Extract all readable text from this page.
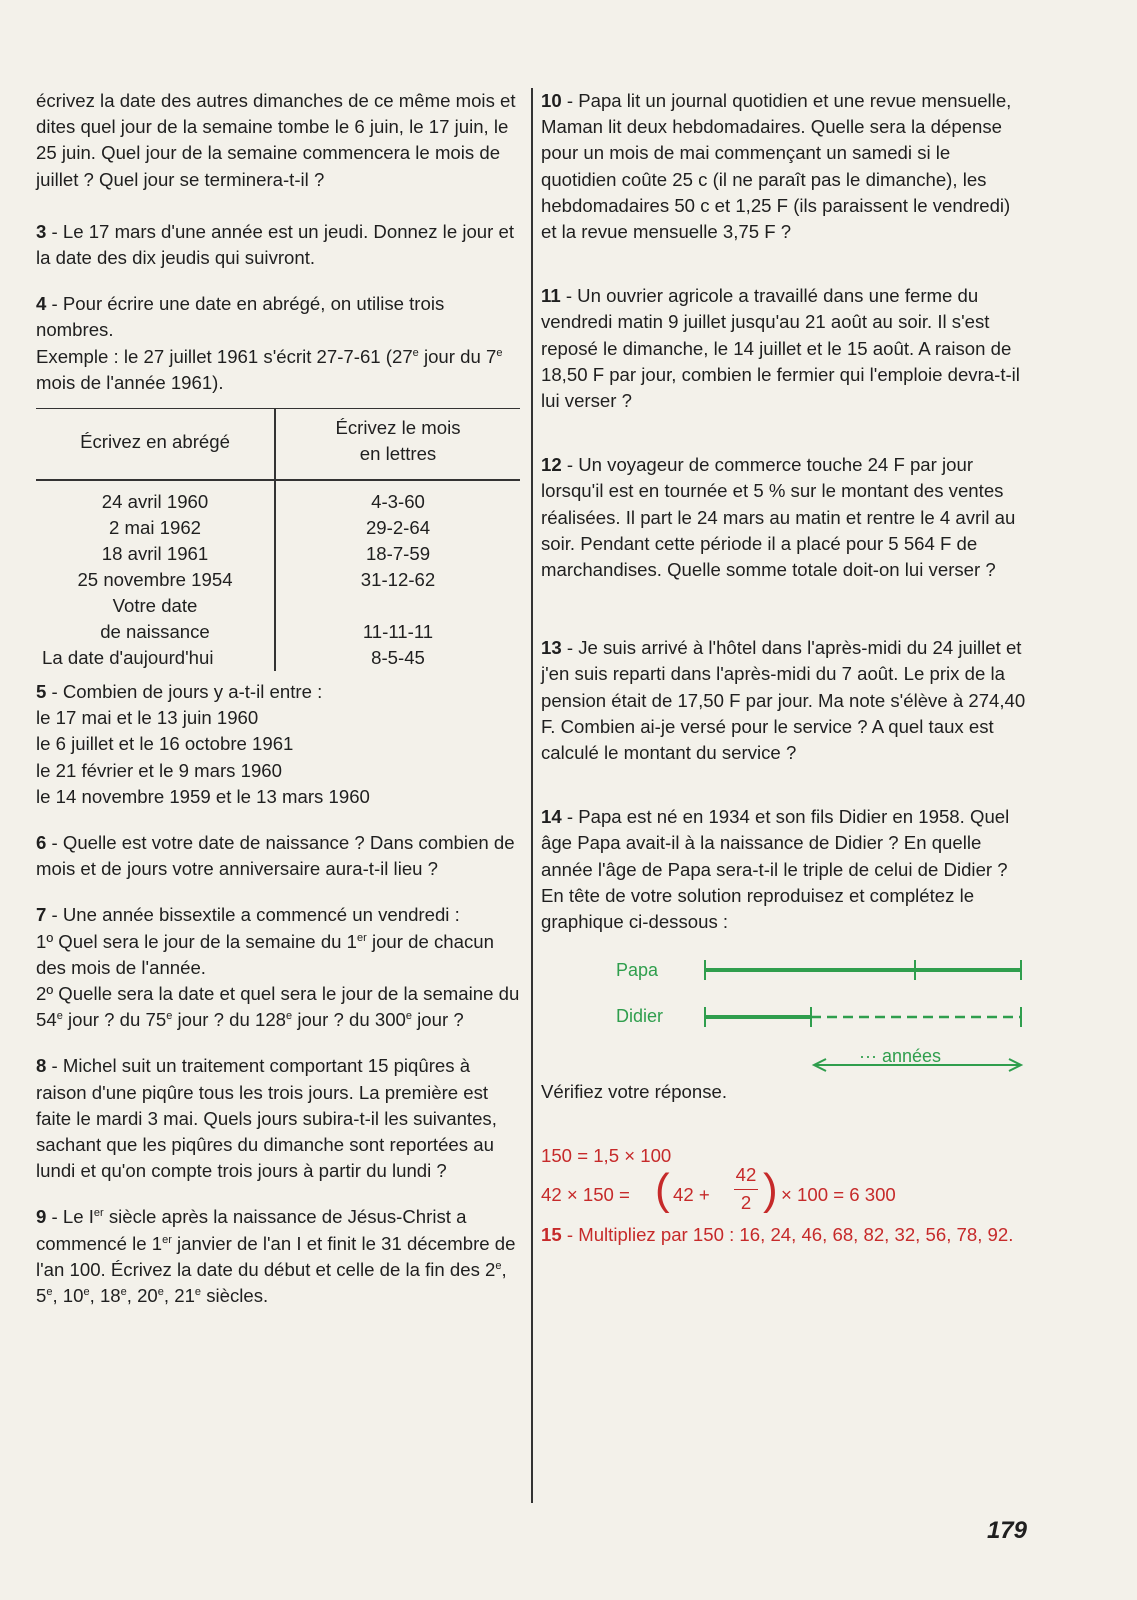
écrivez la date des autres dimanches de ce même mois et dites quel jour de la semaine tombe le 6 juin, le 17 juin, le 25 juin. Quel jour de la semaine commencera le mois de juillet ? Quel jour se terminera-t-il ?

3 - Le 17 mars d'une année est un jeudi. Donnez le jour et la date des dix jeudis qui suivront.

4 - Pour écrire une date en abrégé, on utilise trois nombres.
Exemple : le 27 juillet 1961 s'écrit 27-7-61 (27e jour du 7e mois de l'année 1961).

Écrivez en abrégé
Écrivez le mois
en lettres
24 avril 1960
2 mai 1962
18 avril 1961
25 novembre 1954
Votre date
de naissance
La date d'aujourd'hui
4-3-60
29-2-64
18-7-59
31-12-62
11-11-11
8-5-45

5 - Combien de jours y a-t-il entre :
le 17 mai et le 13 juin 1960
le 6 juillet et le 16 octobre 1961
le 21 février et le 9 mars 1960
le 14 novembre 1959 et le 13 mars 1960

6 - Quelle est votre date de naissance ? Dans combien de mois et de jours votre anniversaire aura-t-il lieu ?

7 - Une année bissextile a commencé un vendredi :
1º Quel sera le jour de la semaine du 1er jour de chacun des mois de l'année.
2º Quelle sera la date et quel sera le jour de la semaine du 54e jour ? du 75e jour ? du 128e jour ? du 300e jour ?

8 - Michel suit un traitement comportant 15 piqûres à raison d'une piqûre tous les trois jours. La première est faite le mardi 3 mai. Quels jours subira-t-il les suivantes, sachant que les piqûres du dimanche sont reportées au lundi et qu'on compte trois jours à partir du lundi ?

9 - Le Ier siècle après la naissance de Jésus-Christ a commencé le 1er janvier de l'an I et finit le 31 décembre de l'an 100. Écrivez la date du début et celle de la fin des 2e, 5e, 10e, 18e, 20e, 21e siècles.

10 - Papa lit un journal quotidien et une revue mensuelle, Maman lit deux hebdomadaires. Quelle sera la dépense pour un mois de mai commençant un samedi si le quotidien coûte 25 c (il ne paraît pas le dimanche), les hebdomadaires 50 c et 1,25 F (ils paraissent le vendredi) et la revue mensuelle 3,75 F ?

11 - Un ouvrier agricole a travaillé dans une ferme du vendredi matin 9 juillet jusqu'au 21 août au soir. Il s'est reposé le dimanche, le 14 juillet et le 15 août. A raison de 18,50 F par jour, combien le fermier qui l'emploie devra-t-il lui verser ?

12 - Un voyageur de commerce touche 24 F par jour lorsqu'il est en tournée et 5 % sur le montant des ventes réalisées. Il part le 24 mars au matin et rentre le 4 avril au soir. Pendant cette période il a placé pour 5 564 F de marchandises. Quelle somme totale doit-on lui verser ?

13 - Je suis arrivé à l'hôtel dans l'après-midi du 24 juillet et j'en suis reparti dans l'après-midi du 7 août. Le prix de la pension était de 17,50 F par jour. Ma note s'élève à 274,40 F. Combien ai-je versé pour le service ? A quel taux est calculé le montant du service ?

14 - Papa est né en 1934 et son fils Didier en 1958. Quel âge Papa avait-il à la naissance de Didier ? En quelle année l'âge de Papa sera-t-il le triple de celui de Didier ? En tête de votre solution reproduisez et complétez le graphique ci-dessous :

Papa
Didier
··· années

Vérifiez votre réponse.

150 = 1,5 × 100
42 × 150 = ( 42 +
42
2 ) × 100 = 6 300

15 - Multipliez par 150 : 16, 24, 46, 68, 82, 32, 56, 78, 92.

179
